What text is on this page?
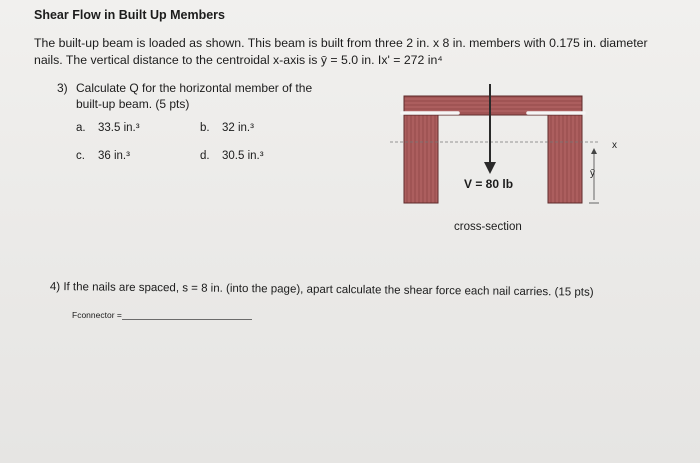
Shear Flow in Built Up Members
The built-up beam is loaded as shown. This beam is built from three 2 in. x 8 in. members with 0.175 in. diameter nails. The vertical distance to the centroidal x-axis is ȳ = 5.0 in. Ix' = 272 in⁴
3) Calculate Q for the horizontal member of the built-up beam. (5 pts)
a. 33.5 in.³	b. 32 in.³
c. 36 in.³	d. 30.5 in.³
V = 80 lb
ȳ
x
cross-section
4) If the nails are spaced, s = 8 in. (into the page), apart calculate the shear force each nail carries. (15 pts)
Fconnector =
